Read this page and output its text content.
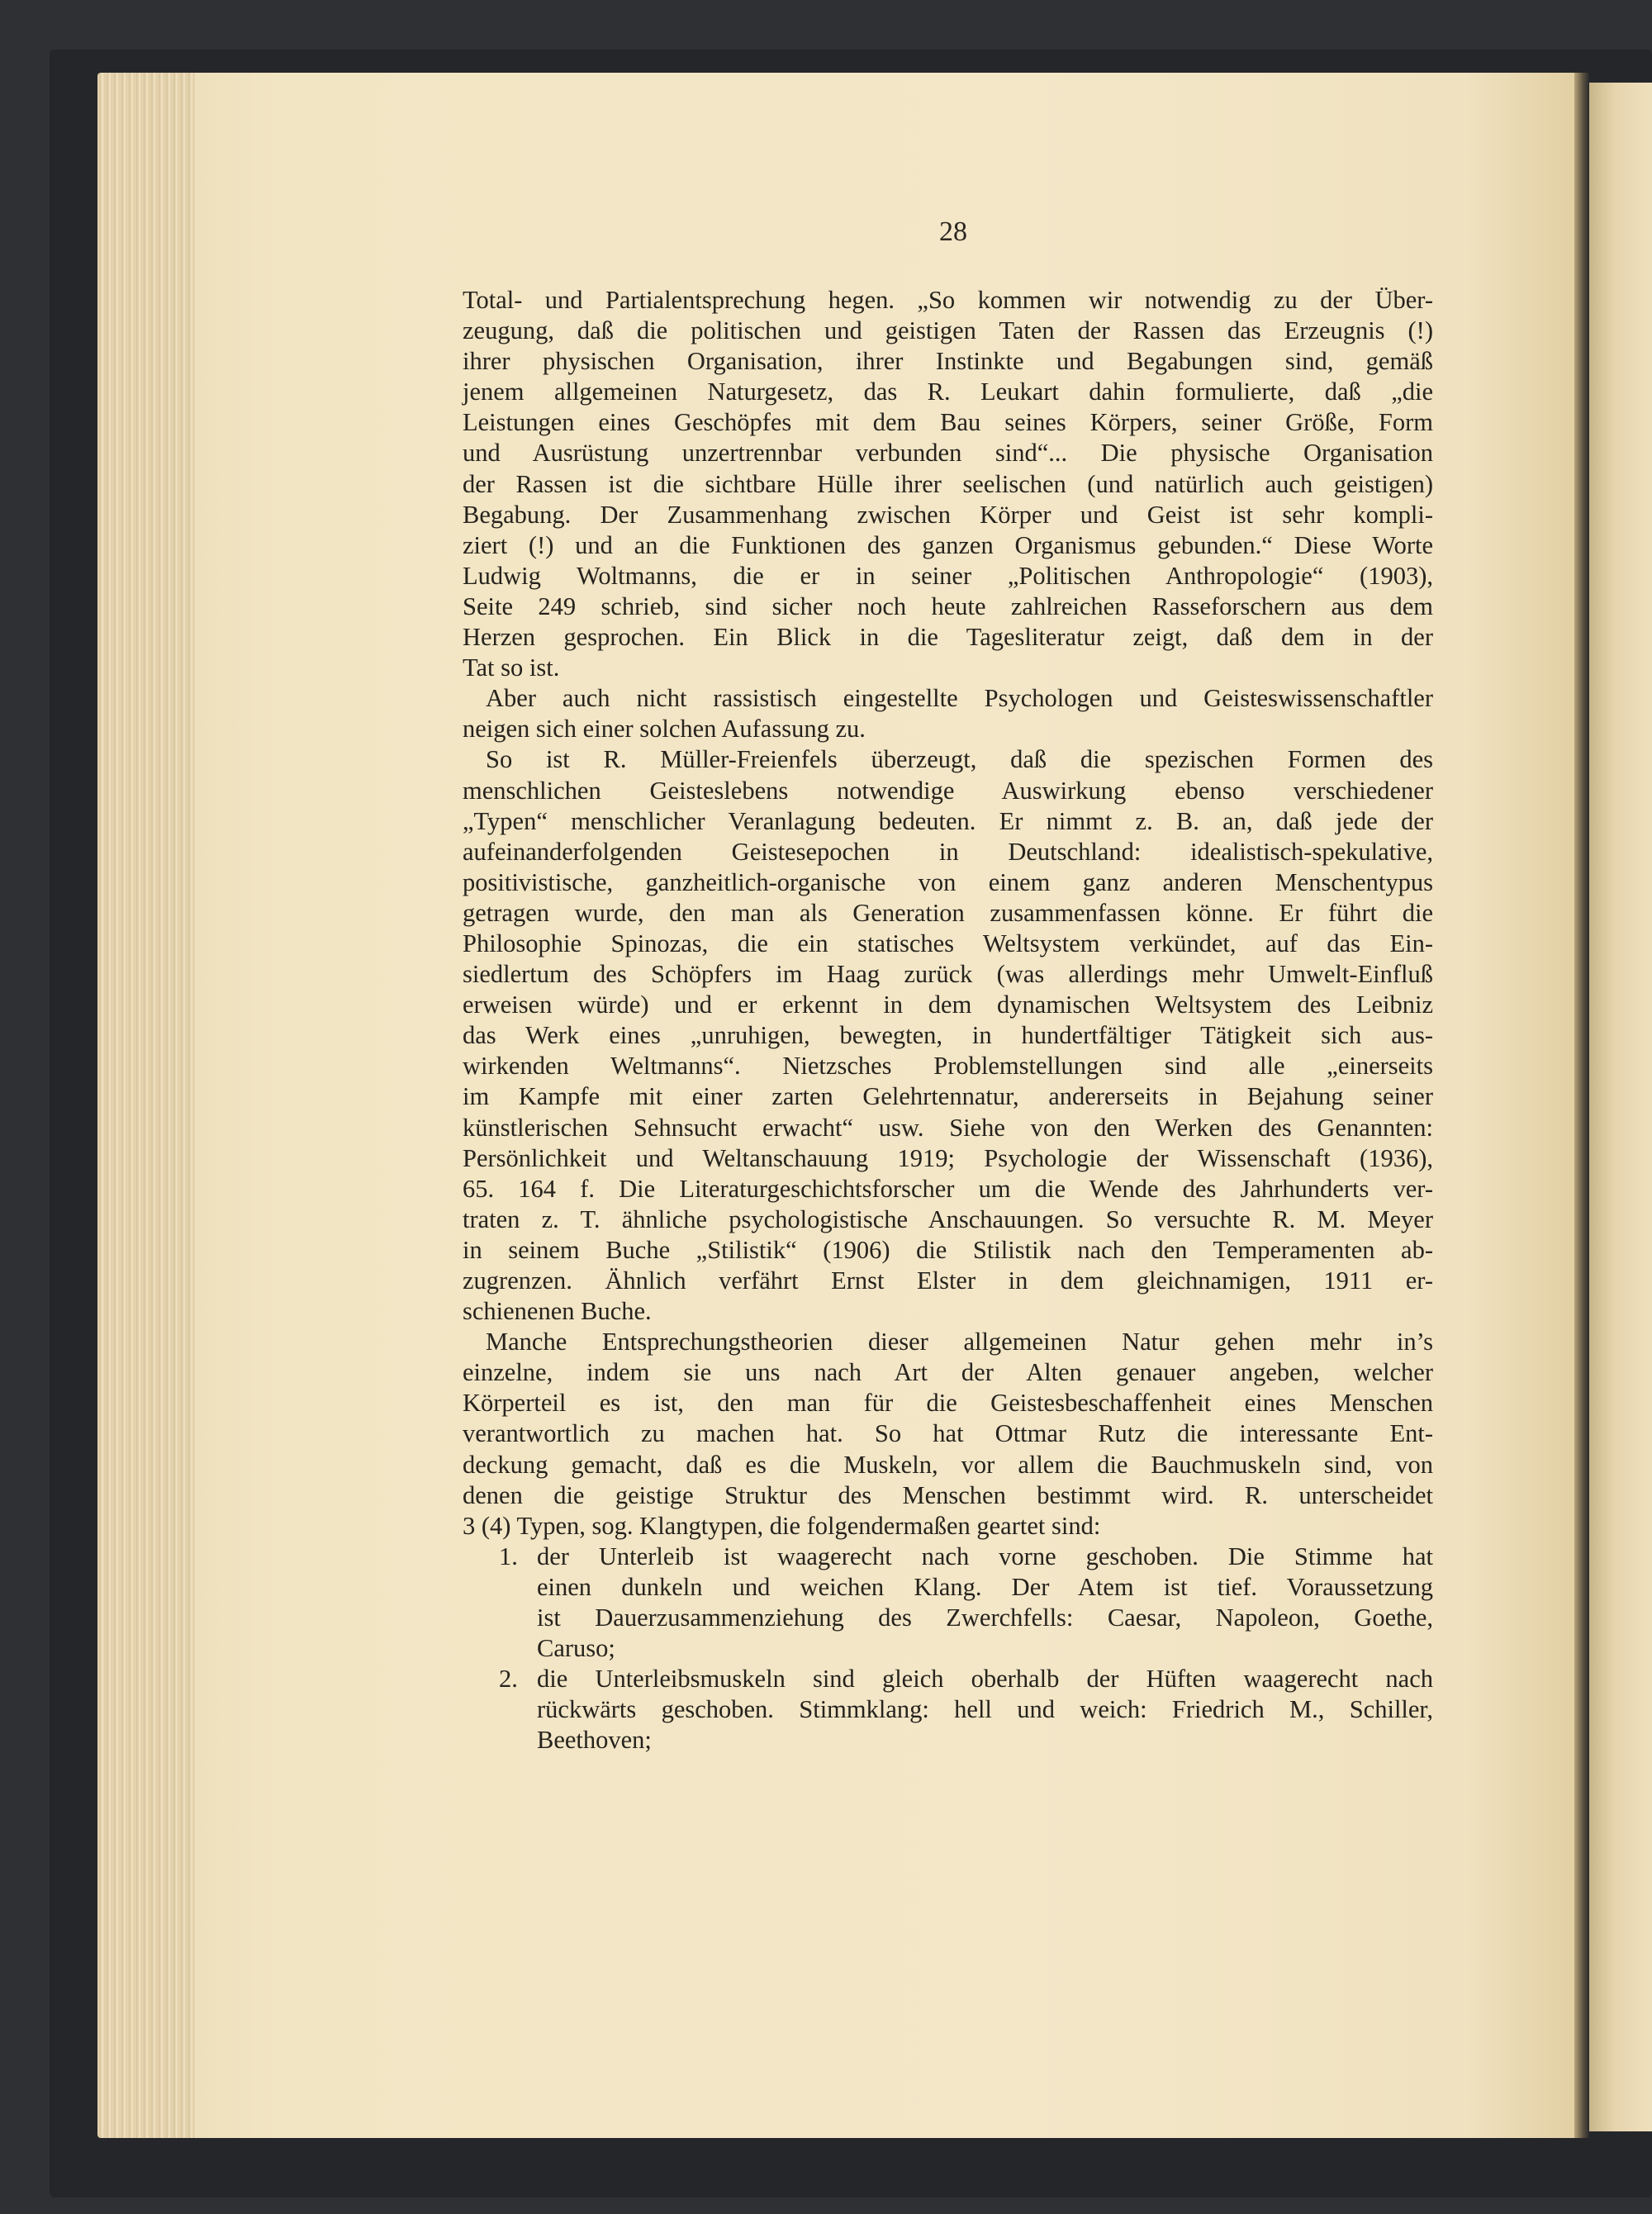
28

Total- und Partialentsprechung hegen. „So kommen wir notwendig zu der Über-

zeugung, daß die politischen und geistigen Taten der Rassen das Erzeugnis (!)

ihrer physischen Organisation, ihrer Instinkte und Begabungen sind, gemäß

jenem allgemeinen Naturgesetz, das R. Leukart dahin formulierte, daß „die

Leistungen eines Geschöpfes mit dem Bau seines Körpers, seiner Größe, Form

und Ausrüstung unzertrennbar verbunden sind“... Die physische Organisation

der Rassen ist die sichtbare Hülle ihrer seelischen (und natürlich auch geistigen)

Begabung. Der Zusammenhang zwischen Körper und Geist ist sehr kompli-

ziert (!) und an die Funktionen des ganzen Organismus gebunden.“ Diese Worte

Ludwig Woltmanns, die er in seiner „Politischen Anthropologie“ (1903),

Seite 249 schrieb, sind sicher noch heute zahlreichen Rasseforschern aus dem

Herzen gesprochen. Ein Blick in die Tagesliteratur zeigt, daß dem in der

Tat so ist.

Aber auch nicht rassistisch eingestellte Psychologen und Geisteswissenschaftler

neigen sich einer solchen Aufassung zu.

So ist R. Müller-Freienfels überzeugt, daß die spezischen Formen des

menschlichen Geisteslebens notwendige Auswirkung ebenso verschiedener

„Typen“ menschlicher Veranlagung bedeuten. Er nimmt z. B. an, daß jede der

aufeinanderfolgenden Geistesepochen in Deutschland: idealistisch-spekulative,

positivistische, ganzheitlich-organische von einem ganz anderen Menschentypus

getragen wurde, den man als Generation zusammenfassen könne. Er führt die

Philosophie Spinozas, die ein statisches Weltsystem verkündet, auf das Ein-

siedlertum des Schöpfers im Haag zurück (was allerdings mehr Umwelt-Einfluß

erweisen würde) und er erkennt in dem dynamischen Weltsystem des Leibniz

das Werk eines „unruhigen, bewegten, in hundertfältiger Tätigkeit sich aus-

wirkenden Weltmanns“. Nietzsches Problemstellungen sind alle „einerseits

im Kampfe mit einer zarten Gelehrtennatur, andererseits in Bejahung seiner

künstlerischen Sehnsucht erwacht“ usw. Siehe von den Werken des Genannten:

Persönlichkeit und Weltanschauung 1919; Psychologie der Wissenschaft (1936),

65. 164 f. Die Literaturgeschichtsforscher um die Wende des Jahrhunderts ver-

traten z. T. ähnliche psychologistische Anschauungen. So versuchte R. M. Meyer

in seinem Buche „Stilistik“ (1906) die Stilistik nach den Temperamenten ab-

zugrenzen. Ähnlich verfährt Ernst Elster in dem gleichnamigen, 1911 er-

schienenen Buche.

Manche Entsprechungstheorien dieser allgemeinen Natur gehen mehr in’s

einzelne, indem sie uns nach Art der Alten genauer angeben, welcher

Körperteil es ist, den man für die Geistesbeschaffenheit eines Menschen

verantwortlich zu machen hat. So hat Ottmar Rutz die interessante Ent-

deckung gemacht, daß es die Muskeln, vor allem die Bauchmuskeln sind, von

denen die geistige Struktur des Menschen bestimmt wird. R. unterscheidet

3 (4) Typen, sog. Klangtypen, die folgendermaßen geartet sind:

1. der Unterleib ist waagerecht nach vorne geschoben. Die Stimme hat

einen dunkeln und weichen Klang. Der Atem ist tief. Voraussetzung

ist Dauerzusammenziehung des Zwerchfells: Caesar, Napoleon, Goethe,

Caruso;

2. die Unterleibsmuskeln sind gleich oberhalb der Hüften waagerecht nach

rückwärts geschoben. Stimmklang: hell und weich: Friedrich M., Schiller,

Beethoven;
